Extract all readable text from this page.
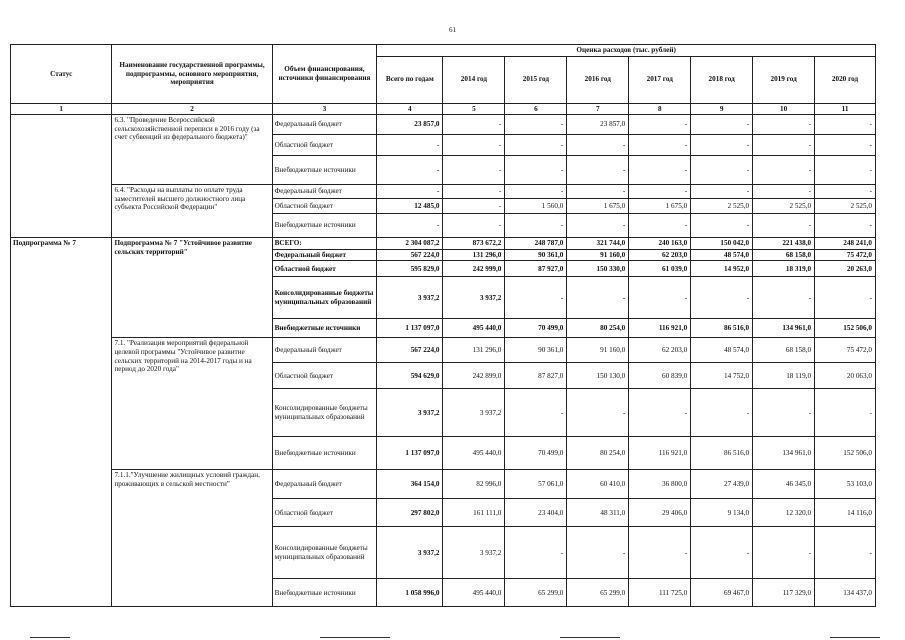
61
Статус	Наименование государственной программы, подпрограммы, основного мероприятия, мероприятия	Объем финансирования, источники финансирования	Оценка расходов (тыс. рублей)							
			Всего по годам	2014 год	2015 год	2016 год	2017 год	2018 год	2019 год	2020 год
1	2	3	4	5	6	7	8	9	10	11
	6.3. "Проведение Всероссийской сельскохозяйственной переписи в 2016 году (за счет субвенций из федерального бюджета)"	Федеральный бюджет	23 857,0	-	-	23 857,0	-	-	-	-
		Областной бюджет	-	-	-	-	-	-	-	-
		Внебюджетные источники	-	-	-	-	-	-	-	-
	6.4. "Расходы на выплаты по оплате труда заместителей высшего должностного лица субъекта Российской Федерации"	Федеральный бюджет	-	-	-	-	-	-	-	-
		Областной бюджет	12 485,0	-	1 560,0	1 675,0	1 675,0	2 525,0	2 525,0	2 525,0
		Внебюджетные источники	-	-	-	-	-	-	-	-
Подпрограмма № 7	Подпрограмма № 7 "Устойчивое развитие сельских территорий"	ВСЕГО:	2 304 087,2	873 672,2	248 787,0	321 744,0	240 163,0	150 042,0	221 438,0	248 241,0
		Федеральный бюджет	567 224,0	131 296,0	90 361,0	91 160,0	62 203,0	48 574,0	68 158,0	75 472,0
		Областной бюджет	595 829,0	242 999,0	87 927,0	150 330,0	61 039,0	14 952,0	18 319,0	20 263,0
		Консолидированные бюджеты муниципальных образований	3 937,2	3 937,2	-	-	-	-	-	-
		Внебюджетные источники	1 137 097,0	495 440,0	70 499,0	80 254,0	116 921,0	86 516,0	134 961,0	152 506,0
	7.1. "Реализация мероприятий федеральной целевой программы "Устойчивое развитие сельских территорий на 2014-2017 годы и на период до 2020 года"	Федеральный бюджет	567 224,0	131 296,0	90 361,0	91 160,0	62 203,0	48 574,0	68 158,0	75 472,0
		Областной бюджет	594 629,0	242 899,0	87 827,0	150 130,0	60 839,0	14 752,0	18 119,0	20 063,0
		Консолидированные бюджеты муниципальных образований	3 937,2	3 937,2	-	-	-	-	-	-
		Внебюджетные источники	1 137 097,0	495 440,0	70 499,0	80 254,0	116 921,0	86 516,0	134 961,0	152 506,0
	7.1.1."Улучшение жилищных условий граждан, проживающих в сельской местности"	Федеральный бюджет	364 154,0	82 996,0	57 061,0	60 410,0	36 800,0	27 439,0	46 345,0	53 103,0
		Областной бюджет	297 802,0	161 111,0	23 404,0	48 311,0	29 406,0	9 134,0	12 320,0	14 116,0
		Консолидированные бюджеты муниципальных образований	3 937,2	3 937,2	-	-	-	-	-	-
		Внебюджетные источники	1 058 996,0	495 440,0	65 299,0	65 299,0	111 725,0	69 467,0	117 329,0	134 437,0
